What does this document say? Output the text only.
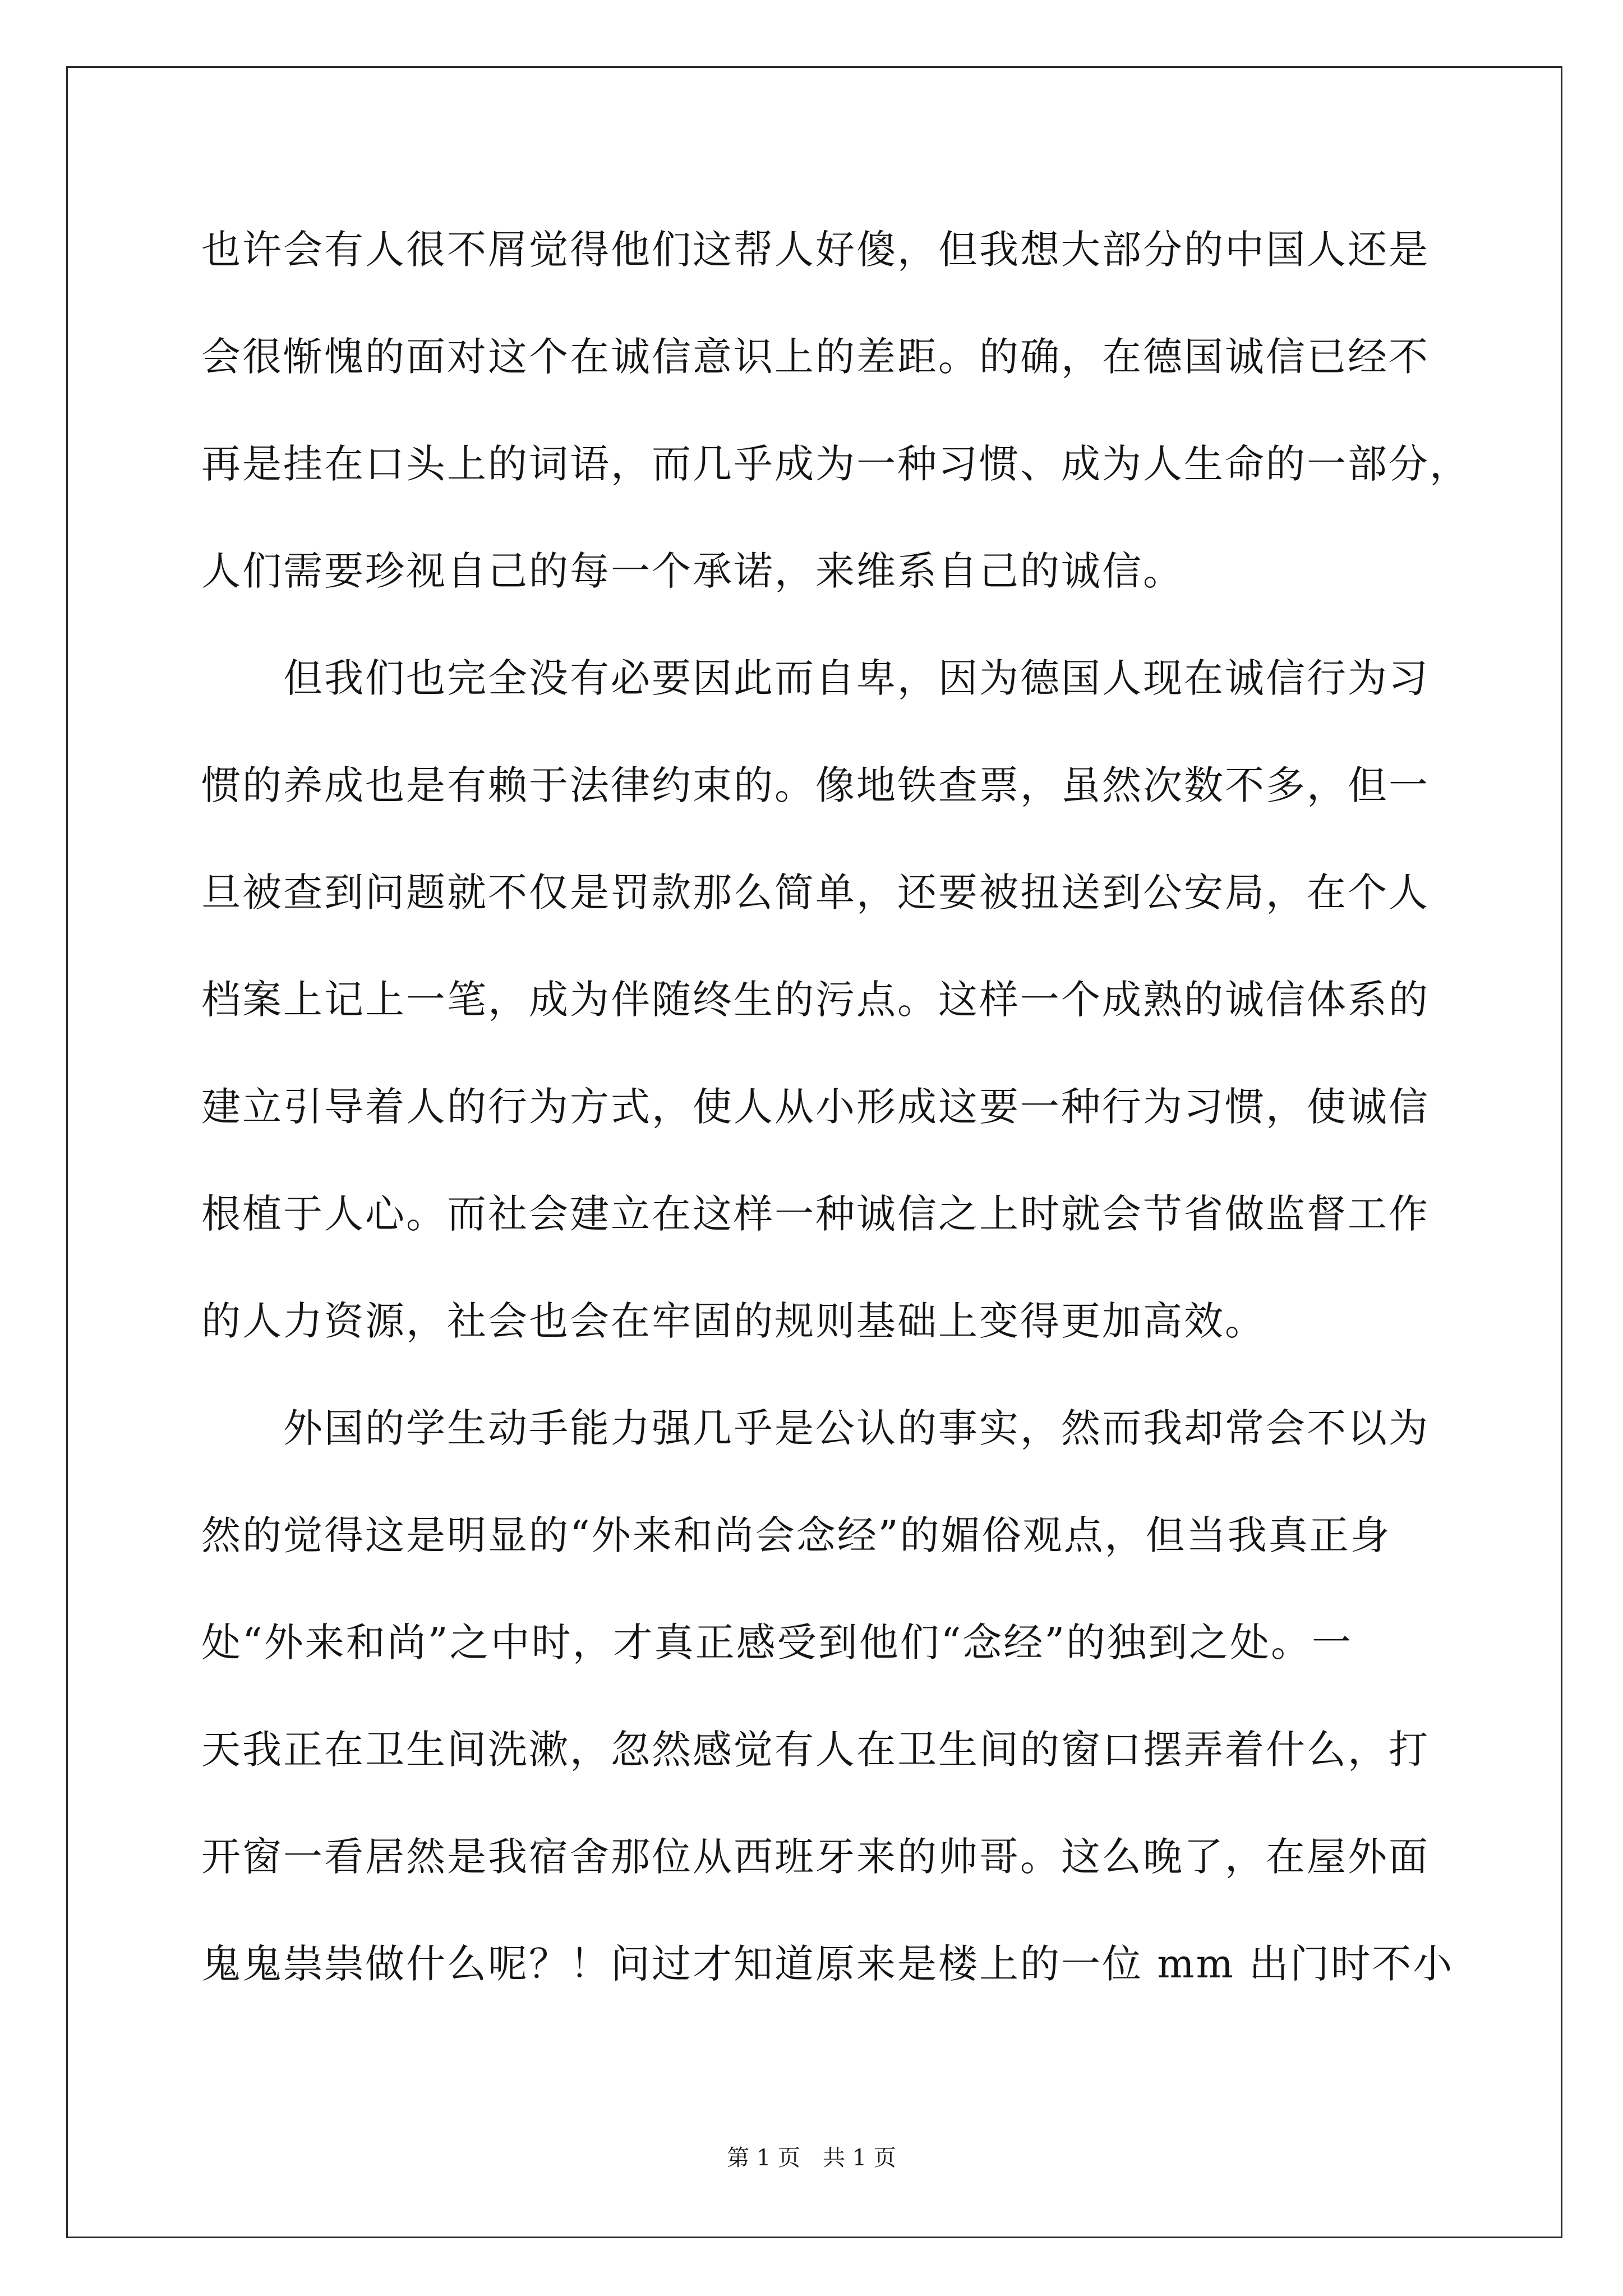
也许会有人很不屑觉得他们这帮人好傻，但我想大部分的中国人还是
会很惭愧的面对这个在诚信意识上的差距。的确，在德国诚信已经不
再是挂在口头上的词语，而几乎成为一种习惯、成为人生命的一部分，
人们需要珍视自己的每一个承诺，来维系自己的诚信。
但我们也完全没有必要因此而自卑，因为德国人现在诚信行为习
惯的养成也是有赖于法律约束的。像地铁查票，虽然次数不多，但一
旦被查到问题就不仅是罚款那么简单，还要被扭送到公安局，在个人
档案上记上一笔，成为伴随终生的污点。这样一个成熟的诚信体系的
建立引导着人的行为方式，使人从小形成这要一种行为习惯，使诚信
根植于人心。而社会建立在这样一种诚信之上时就会节省做监督工作
的人力资源，社会也会在牢固的规则基础上变得更加高效。
外国的学生动手能力强几乎是公认的事实，然而我却常会不以为
然的觉得这是明显的“外来和尚会念经”的媚俗观点，但当我真正身
处“外来和尚”之中时，才真正感受到他们“念经”的独到之处。一
天我正在卫生间洗漱，忽然感觉有人在卫生间的窗口摆弄着什么，打
开窗一看居然是我宿舍那位从西班牙来的帅哥。这么晚了，在屋外面
鬼鬼祟祟做什么呢？！问过才知道原来是楼上的一位 mm 出门时不小
第 1 页　共 1 页
